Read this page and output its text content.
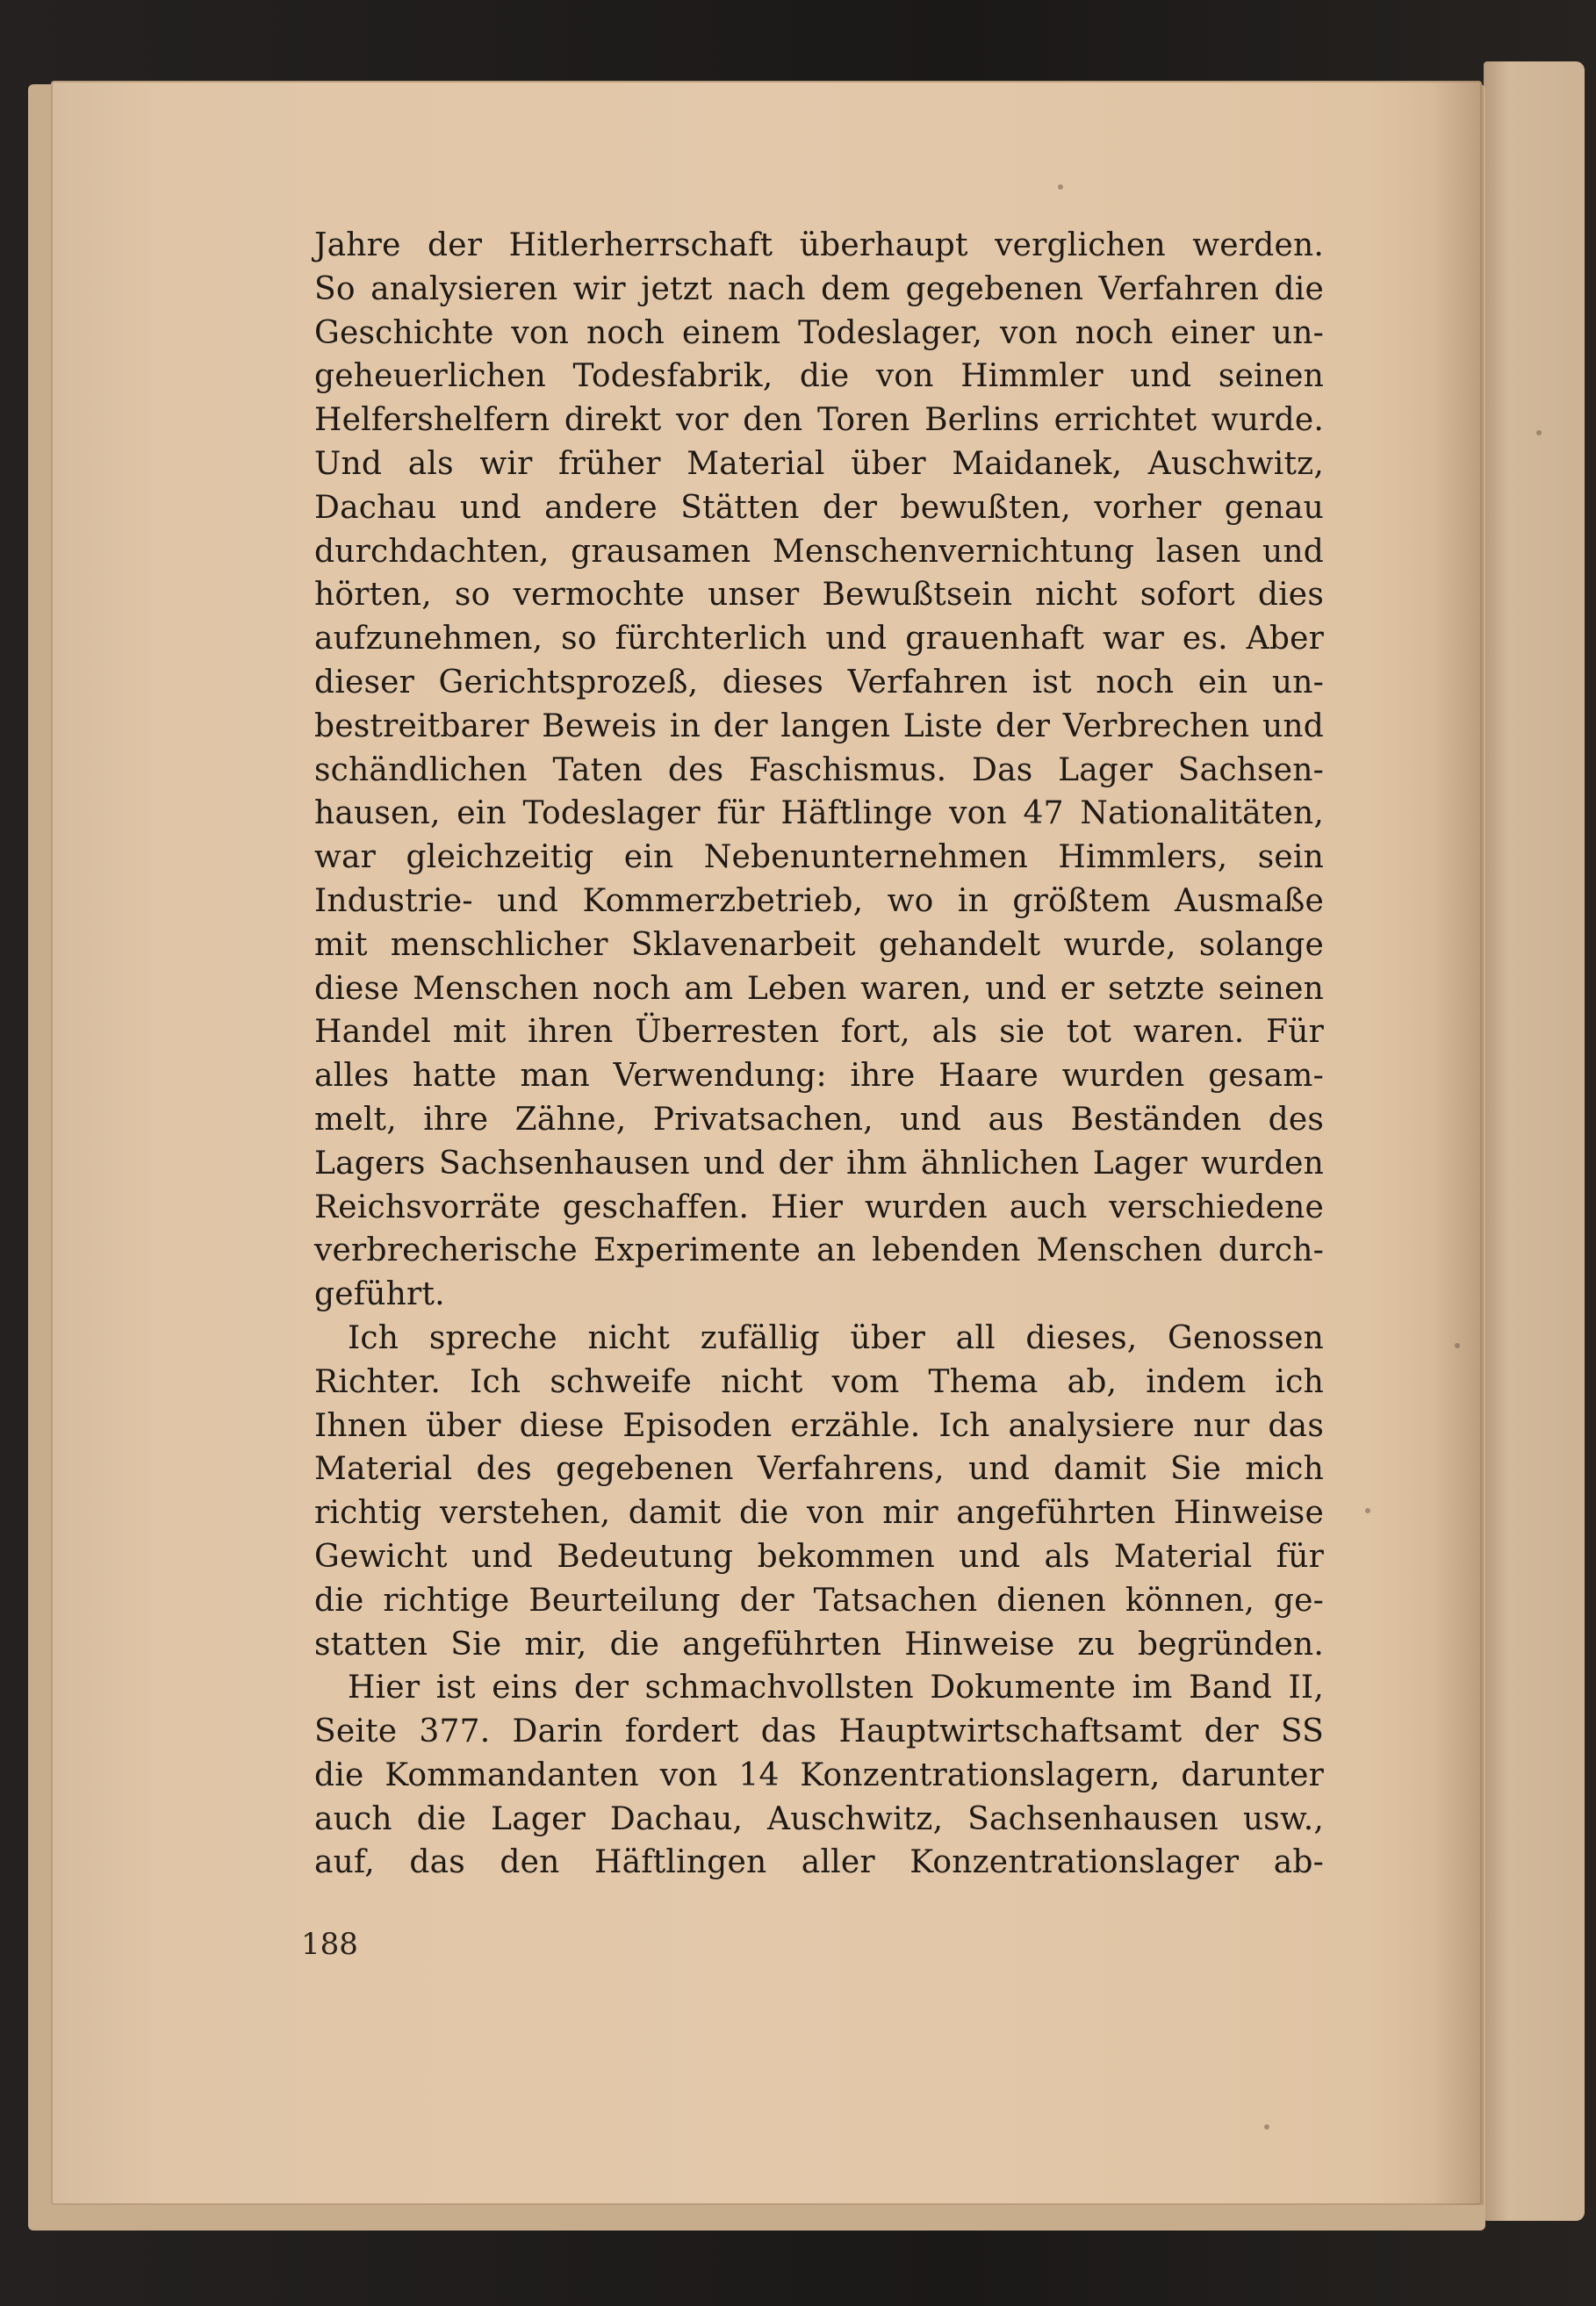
Jahre der Hitlerherrschaft überhaupt verglichen werden.
So analysieren wir jetzt nach dem gegebenen Verfahren die
Geschichte von noch einem Todeslager, von noch einer un-
geheuerlichen Todesfabrik, die von Himmler und seinen
Helfershelfern direkt vor den Toren Berlins errichtet wurde.
Und als wir früher Material über Maidanek, Auschwitz,
Dachau und andere Stätten der bewußten, vorher genau
durchdachten, grausamen Menschenvernichtung lasen und
hörten, so vermochte unser Bewußtsein nicht sofort dies
aufzunehmen, so fürchterlich und grauenhaft war es. Aber
dieser Gerichtsprozeß, dieses Verfahren ist noch ein un-
bestreitbarer Beweis in der langen Liste der Verbrechen und
schändlichen Taten des Faschismus. Das Lager Sachsen-
hausen, ein Todeslager für Häftlinge von 47 Nationalitäten,
war gleichzeitig ein Nebenunternehmen Himmlers, sein
Industrie- und Kommerzbetrieb, wo in größtem Ausmaße
mit menschlicher Sklavenarbeit gehandelt wurde, solange
diese Menschen noch am Leben waren, und er setzte seinen
Handel mit ihren Überresten fort, als sie tot waren. Für
alles hatte man Verwendung: ihre Haare wurden gesam-
melt, ihre Zähne, Privatsachen, und aus Beständen des
Lagers Sachsenhausen und der ihm ähnlichen Lager wurden
Reichsvorräte geschaffen. Hier wurden auch verschiedene
verbrecherische Experimente an lebenden Menschen durch-
geführt.
Ich spreche nicht zufällig über all dieses, Genossen
Richter. Ich schweife nicht vom Thema ab, indem ich
Ihnen über diese Episoden erzähle. Ich analysiere nur das
Material des gegebenen Verfahrens, und damit Sie mich
richtig verstehen, damit die von mir angeführten Hinweise
Gewicht und Bedeutung bekommen und als Material für
die richtige Beurteilung der Tatsachen dienen können, ge-
statten Sie mir, die angeführten Hinweise zu begründen.
Hier ist eins der schmachvollsten Dokumente im Band II,
Seite 377. Darin fordert das Hauptwirtschaftsamt der SS
die Kommandanten von 14 Konzentrationslagern, darunter
auch die Lager Dachau, Auschwitz, Sachsenhausen usw.,
auf, das den Häftlingen aller Konzentrationslager ab-
188
